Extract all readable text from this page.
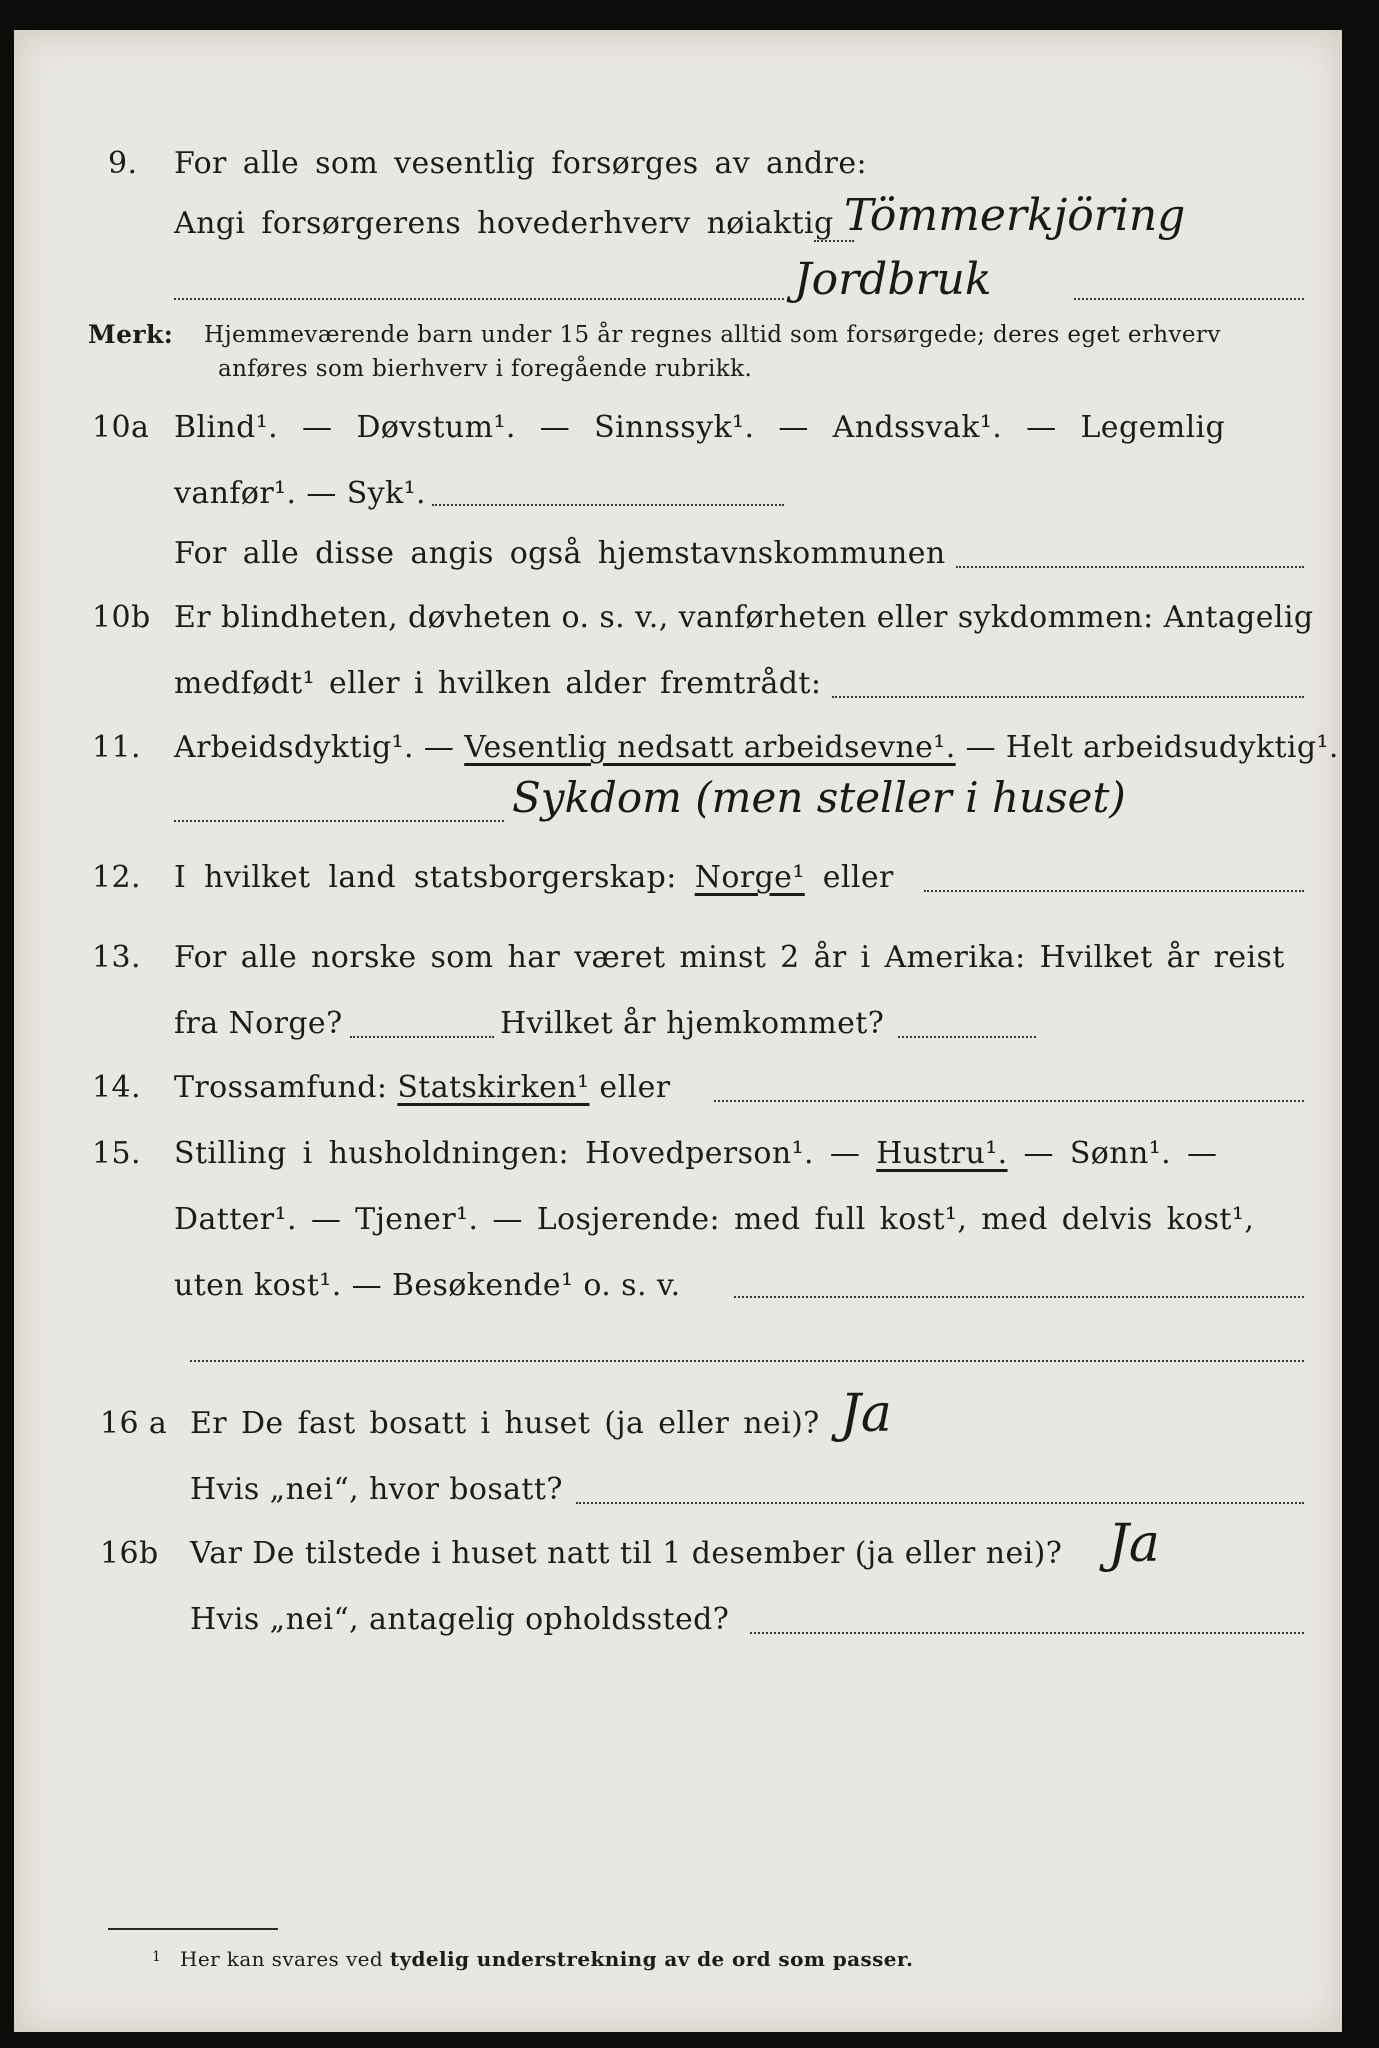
9. For alle som vesentlig forsørges av andre:
Angi forsørgerens hovederhverv nøiaktig Tömmerkjöring
Jordbruk
Merk: Hjemmeværende barn under 15 år regnes alltid som forsørgede; deres eget erhverv
anføres som bierhverv i foregående rubrikk.
10a Blind¹. — Døvstum¹. — Sinnssyk¹. — Andssvak¹. — Legemlig
vanfør¹. — Syk¹.
For alle disse angis også hjemstavnskommunen
10b Er blindheten, døvheten o. s. v., vanførheten eller sykdommen: Antagelig
medfødt¹ eller i hvilken alder fremtrådt:
11. Arbeidsdyktig¹. — Vesentlig nedsatt arbeidsevne¹. — Helt arbeidsudyktig¹.
Sykdom (men steller i huset)
12. I hvilket land statsborgerskap: Norge¹ eller
13. For alle norske som har været minst 2 år i Amerika: Hvilket år reist
fra Norge?	Hvilket år hjemkommet?
14. Trossamfund: Statskirken¹ eller
15. Stilling i husholdningen: Hovedperson¹. — Hustru¹. — Sønn¹. —
Datter¹. — Tjener¹. — Losjerende: med full kost¹, med delvis kost¹,
uten kost¹. — Besøkende¹ o. s. v.
16 a Er De fast bosatt i huset (ja eller nei)? Ja
Hvis „nei“, hvor bosatt?
16b Var De tilstede i huset natt til 1 desember (ja eller nei)? Ja
Hvis „nei“, antagelig opholdssted?
1 Her kan svares ved tydelig understrekning av de ord som passer.
